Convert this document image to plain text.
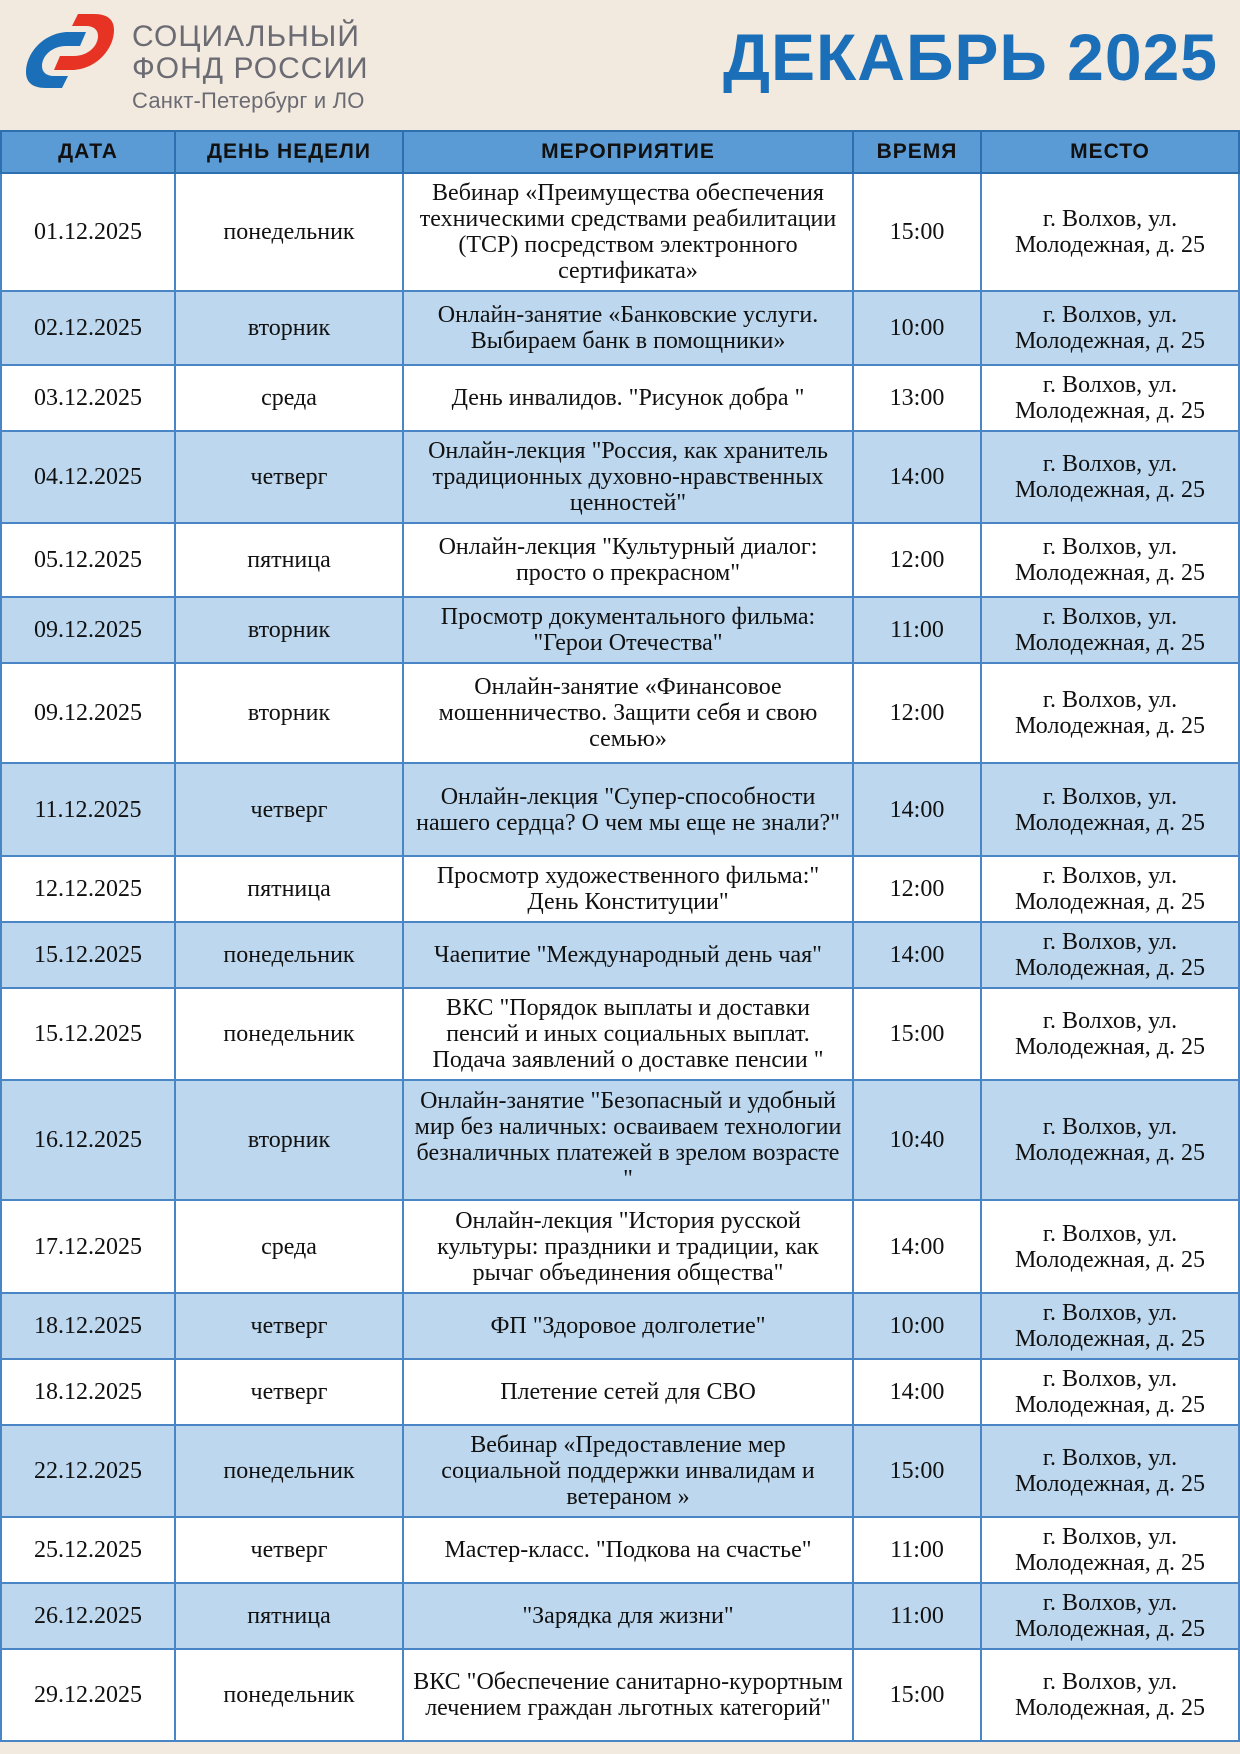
СОЦИАЛЬНЫЙ
ФОНД РОССИИ
Санкт-Петербург и ЛО
ДЕКАБРЬ 2025
ДАТА	ДЕНЬ НЕДЕЛИ	МЕРОПРИЯТИЕ	ВРЕМЯ	МЕСТО
01.12.2025	понедельник	Вебинар «Преимущества обеспечения техническими средствами реабилитации (ТСР) посредством электронного сертификата»	15:00	г. Волхов, ул. Молодежная, д. 25
02.12.2025	вторник	Онлайн-занятие «Банковские услуги. Выбираем банк в помощники»	10:00	г. Волхов, ул. Молодежная, д. 25
03.12.2025	среда	День инвалидов. "Рисунок добра "	13:00	г. Волхов, ул. Молодежная, д. 25
04.12.2025	четверг	Онлайн-лекция "Россия, как хранитель традиционных духовно-нравственных ценностей"	14:00	г. Волхов, ул. Молодежная, д. 25
05.12.2025	пятница	Онлайн-лекция "Культурный диалог: просто о прекрасном"	12:00	г. Волхов, ул. Молодежная, д. 25
09.12.2025	вторник	Просмотр документального фильма: "Герои Отечества"	11:00	г. Волхов, ул. Молодежная, д. 25
09.12.2025	вторник	Онлайн-занятие «Финансовое мошенничество. Защити себя и свою семью»	12:00	г. Волхов, ул. Молодежная, д. 25
11.12.2025	четверг	Онлайн-лекция "Супер-способности нашего сердца? О чем мы еще не знали?"	14:00	г. Волхов, ул. Молодежная, д. 25
12.12.2025	пятница	Просмотр художественного фильма:" День Конституции"	12:00	г. Волхов, ул. Молодежная, д. 25
15.12.2025	понедельник	Чаепитие "Международный день чая"	14:00	г. Волхов, ул. Молодежная, д. 25
15.12.2025	понедельник	ВКС "Порядок выплаты и доставки пенсий и иных социальных выплат. Подача заявлений о доставке пенсии "	15:00	г. Волхов, ул. Молодежная, д. 25
16.12.2025	вторник	Онлайн-занятие "Безопасный и удобный мир без наличных: осваиваем технологии безналичных платежей в зрелом возрасте "	10:40	г. Волхов, ул. Молодежная, д. 25
17.12.2025	среда	Онлайн-лекция "История русской культуры: праздники и традиции, как рычаг объединения общества"	14:00	г. Волхов, ул. Молодежная, д. 25
18.12.2025	четверг	ФП "Здоровое долголетие"	10:00	г. Волхов, ул. Молодежная, д. 25
18.12.2025	четверг	Плетение сетей для СВО	14:00	г. Волхов, ул. Молодежная, д. 25
22.12.2025	понедельник	Вебинар «Предоставление мер социальной поддержки инвалидам и ветераном »	15:00	г. Волхов, ул. Молодежная, д. 25
25.12.2025	четверг	Мастер-класс. "Подкова на счастье"	11:00	г. Волхов, ул. Молодежная, д. 25
26.12.2025	пятница	"Зарядка для жизни"	11:00	г. Волхов, ул. Молодежная, д. 25
29.12.2025	понедельник	ВКС "Обеспечение санитарно-курортным лечением граждан льготных категорий"	15:00	г. Волхов, ул. Молодежная, д. 25
